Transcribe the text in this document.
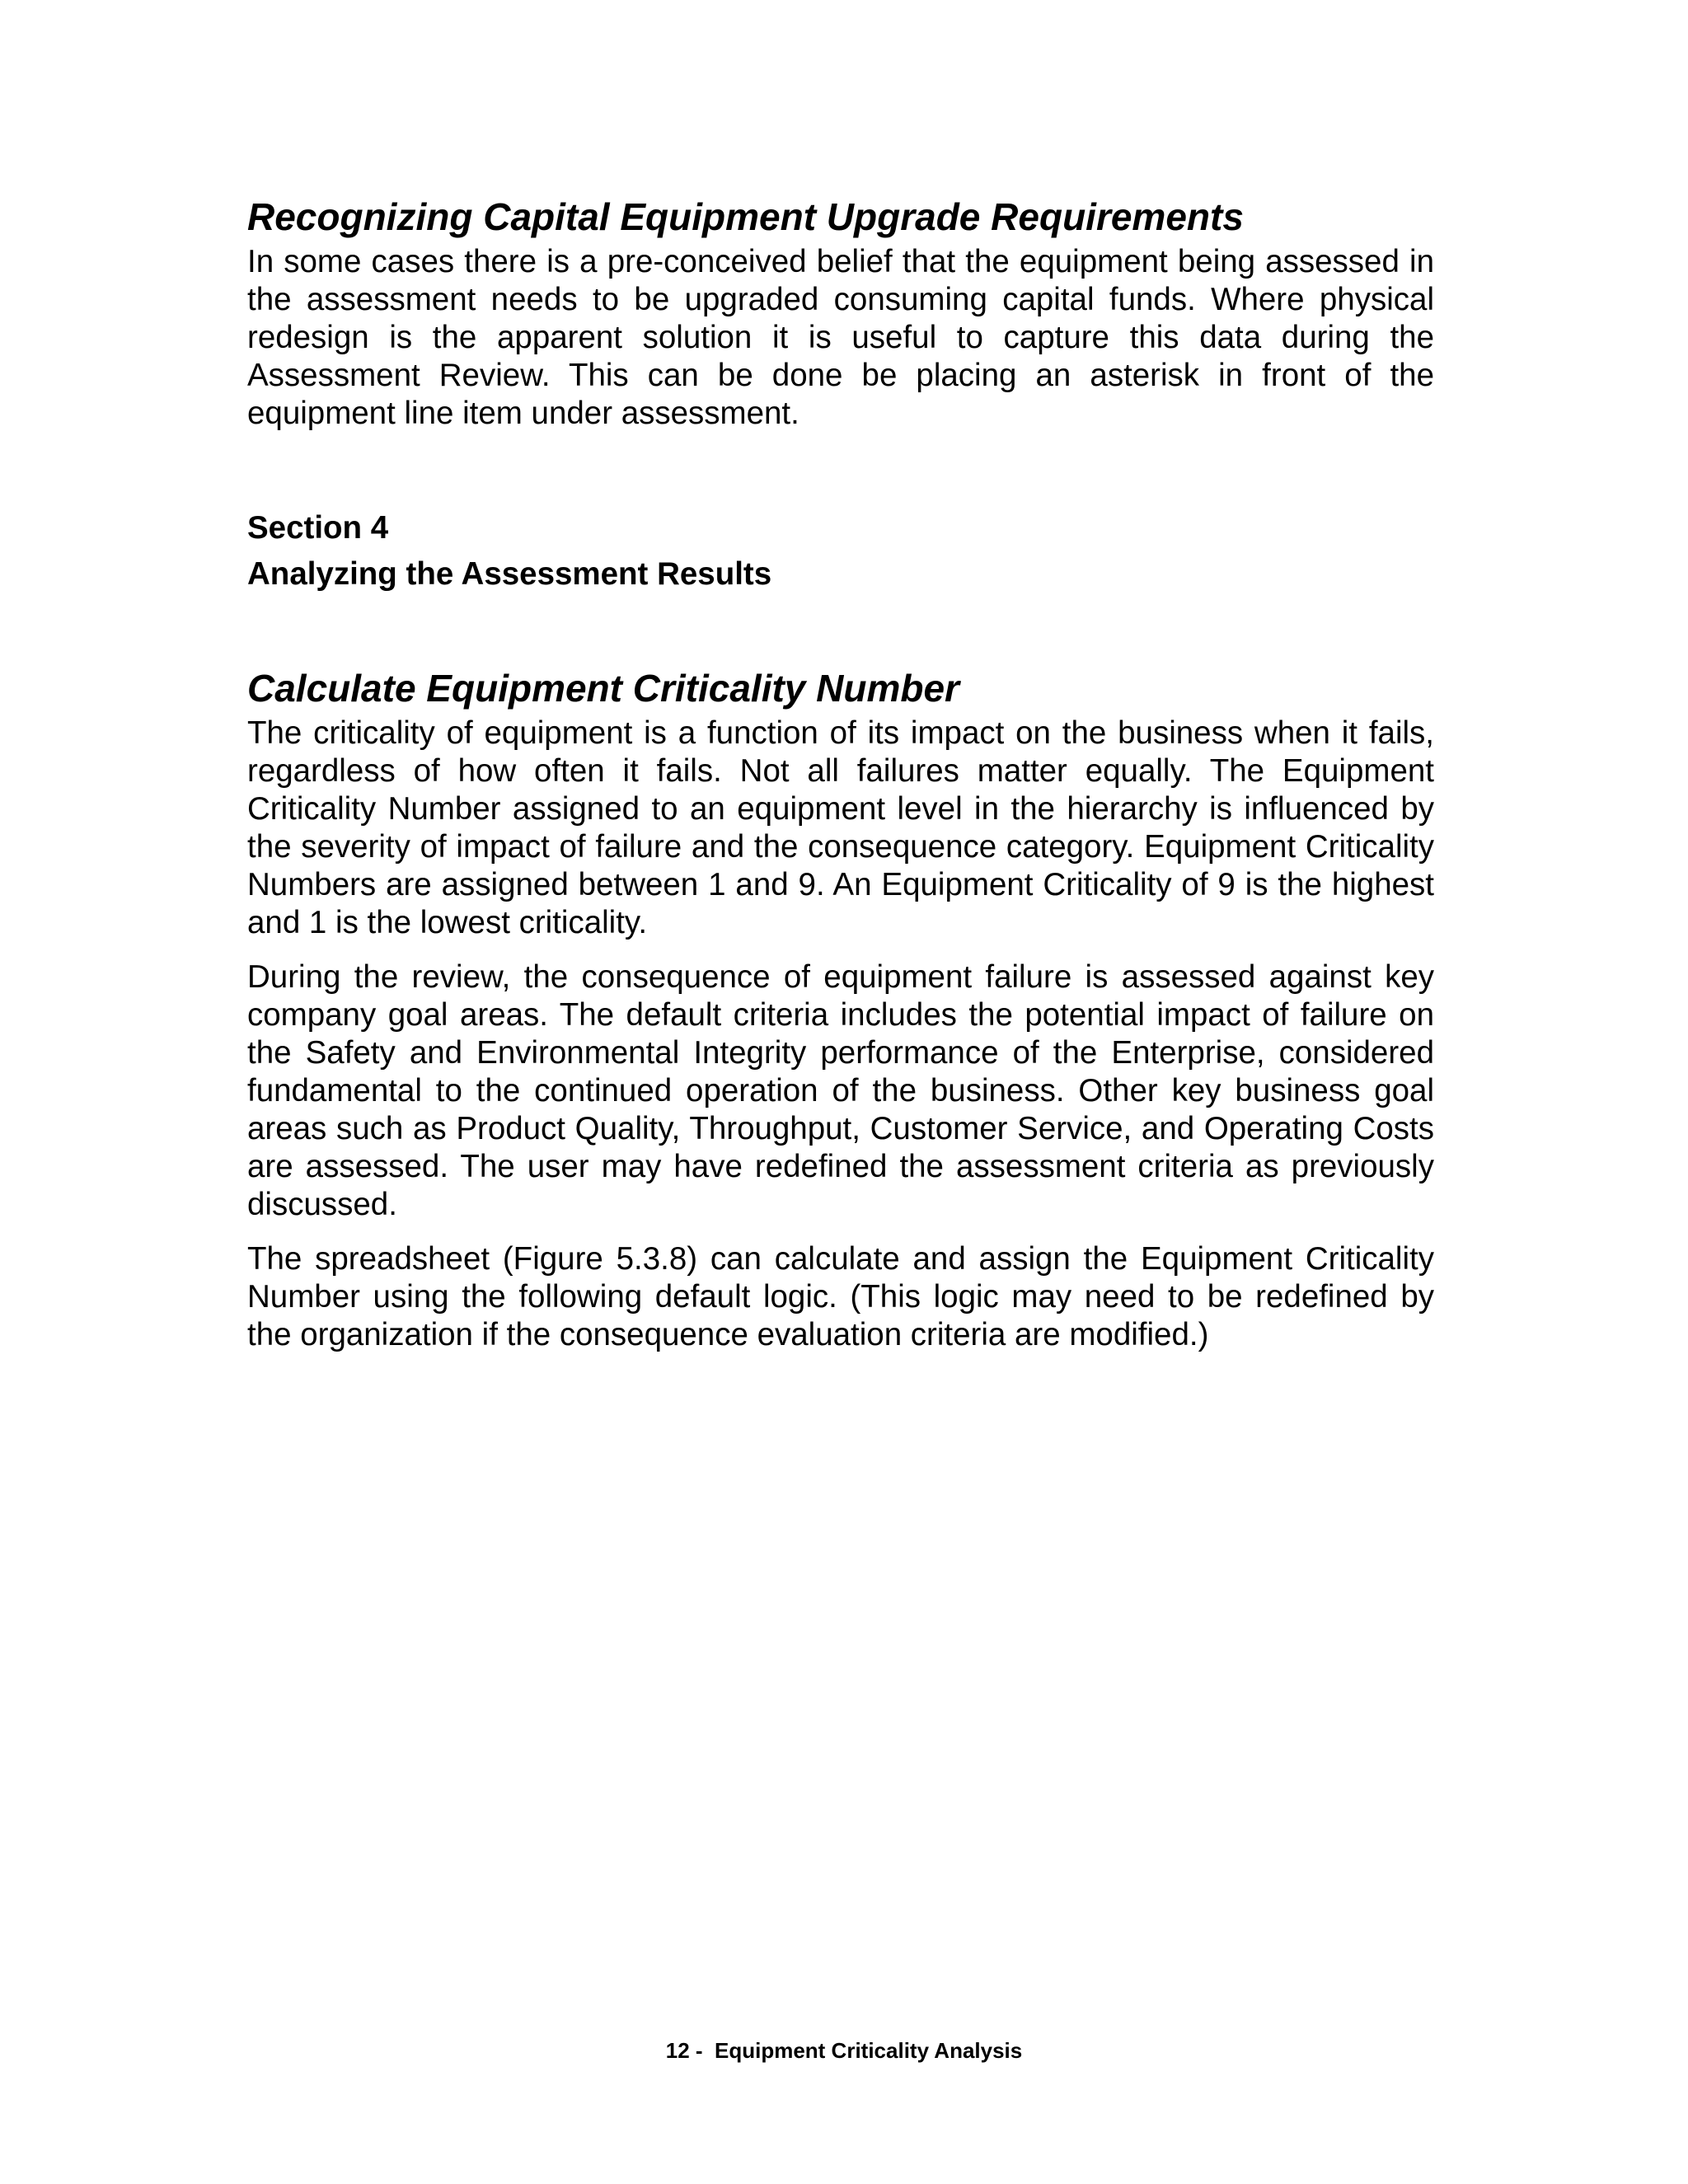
Recognizing Capital Equipment Upgrade Requirements

In some cases there is a pre-conceived belief that the equipment being assessed in the assessment needs to be upgraded consuming capital funds. Where physical redesign is the apparent solution it is useful to capture this data during the Assessment Review. This can be done be placing an asterisk in front of the equipment line item under assessment.

Section 4

Analyzing the Assessment Results

Calculate Equipment Criticality Number

The criticality of equipment is a function of its impact on the business when it fails, regardless of how often it fails. Not all failures matter equally. The Equipment Criticality Number assigned to an equipment level in the hierarchy is influenced by the severity of impact of failure and the consequence category. Equipment Criticality Numbers are assigned between 1 and 9. An Equipment Criticality of 9 is the highest and 1 is the lowest criticality.

During the review, the consequence of equipment failure is assessed against key company goal areas. The default criteria includes the potential impact of failure on the Safety and Environmental Integrity performance of the Enterprise, considered fundamental to the continued operation of the business. Other key business goal areas such as Product Quality, Throughput, Customer Service, and Operating Costs are assessed. The user may have redefined the assessment criteria as previously discussed.

The spreadsheet (Figure 5.3.8) can calculate and assign the Equipment Criticality Number using the following default logic. (This logic may need to be redefined by the organization if the consequence evaluation criteria are modified.)

12 -  Equipment Criticality Analysis
